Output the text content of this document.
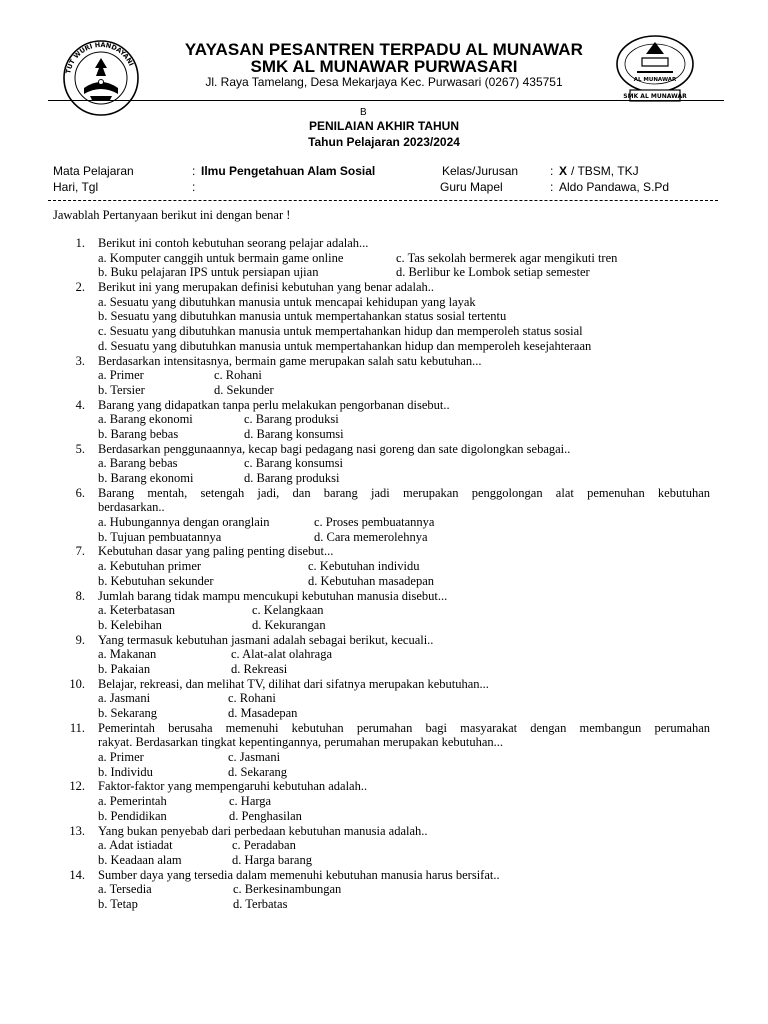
TUT WURI HANDAYANI
AL MUNAWAR
SMK AL MUNAWAR
YAYASAN PESANTREN TERPADU AL MUNAWAR
SMK AL MUNAWAR PURWASARI
Jl. Raya Tamelang, Desa Mekarjaya Kec. Purwasari (0267) 435751
B
PENILAIAN AKHIR TAHUN
Tahun Pelajaran 2023/2024
Mata Pelajaran	: Ilmu Pengetahuan Alam Sosial	Kelas/Jurusan	: X / TBSM, TKJ
Hari, Tgl	:	Guru Mapel	: Aldo Pandawa, S.Pd
Jawablah Pertanyaan berikut ini dengan benar !
1. Berikut ini contoh kebutuhan seorang pelajar adalah...
a. Komputer canggih untuk bermain game online	c. Tas sekolah bermerek agar mengikuti tren
b. Buku pelajaran IPS untuk persiapan ujian	d. Berlibur ke Lombok setiap semester
2. Berikut ini yang merupakan definisi kebutuhan yang benar adalah..
a. Sesuatu yang dibutuhkan manusia untuk mencapai kehidupan yang layak
b. Sesuatu yang dibutuhkan manusia untuk mempertahankan status sosial tertentu
c. Sesuatu yang dibutuhkan manusia untuk mempertahankan hidup dan memperoleh status sosial
d. Sesuatu yang dibutuhkan manusia untuk mempertahankan hidup dan memperoleh kesejahteraan
3. Berdasarkan intensitasnya, bermain game merupakan salah satu kebutuhan...
a. Primer	c. Rohani
b. Tersier	d. Sekunder
4. Barang yang didapatkan tanpa perlu melakukan pengorbanan disebut..
a. Barang ekonomi	c. Barang produksi
b. Barang bebas	d. Barang konsumsi
5. Berdasarkan penggunaannya, kecap bagi pedagang nasi goreng dan sate digolongkan sebagai..
a. Barang bebas	c. Barang konsumsi
b. Barang ekonomi	d. Barang produksi
6. Barang mentah, setengah jadi, dan barang jadi merupakan penggolongan alat pemenuhan kebutuhan
berdasarkan..
a. Hubungannya dengan oranglain	c. Proses pembuatannya
b. Tujuan pembuatannya	d. Cara memerolehnya
7. Kebutuhan dasar yang paling penting disebut...
a. Kebutuhan primer	c. Kebutuhan individu
b. Kebutuhan sekunder	d. Kebutuhan masadepan
8. Jumlah barang tidak mampu mencukupi kebutuhan manusia disebut...
a. Keterbatasan	c. Kelangkaan
b. Kelebihan	d. Kekurangan
9. Yang termasuk kebutuhan jasmani adalah sebagai berikut, kecuali..
a. Makanan	c. Alat-alat olahraga
b. Pakaian	d. Rekreasi
10. Belajar, rekreasi, dan melihat TV, dilihat dari sifatnya merupakan kebutuhan...
a. Jasmani	c. Rohani
b. Sekarang	d. Masadepan
11. Pemerintah berusaha memenuhi kebutuhan perumahan bagi masyarakat dengan membangun perumahan
rakyat. Berdasarkan tingkat kepentingannya, perumahan merupakan kebutuhan...
a. Primer	c. Jasmani
b. Individu	d. Sekarang
12. Faktor-faktor yang mempengaruhi kebutuhan adalah..
a. Pemerintah	c. Harga
b. Pendidikan	d. Penghasilan
13. Yang bukan penyebab dari perbedaan kebutuhan manusia adalah..
a. Adat istiadat	c. Peradaban
b. Keadaan alam	d. Harga barang
14. Sumber daya yang tersedia dalam memenuhi kebutuhan manusia harus bersifat..
a. Tersedia	c. Berkesinambungan
b. Tetap	d. Terbatas
